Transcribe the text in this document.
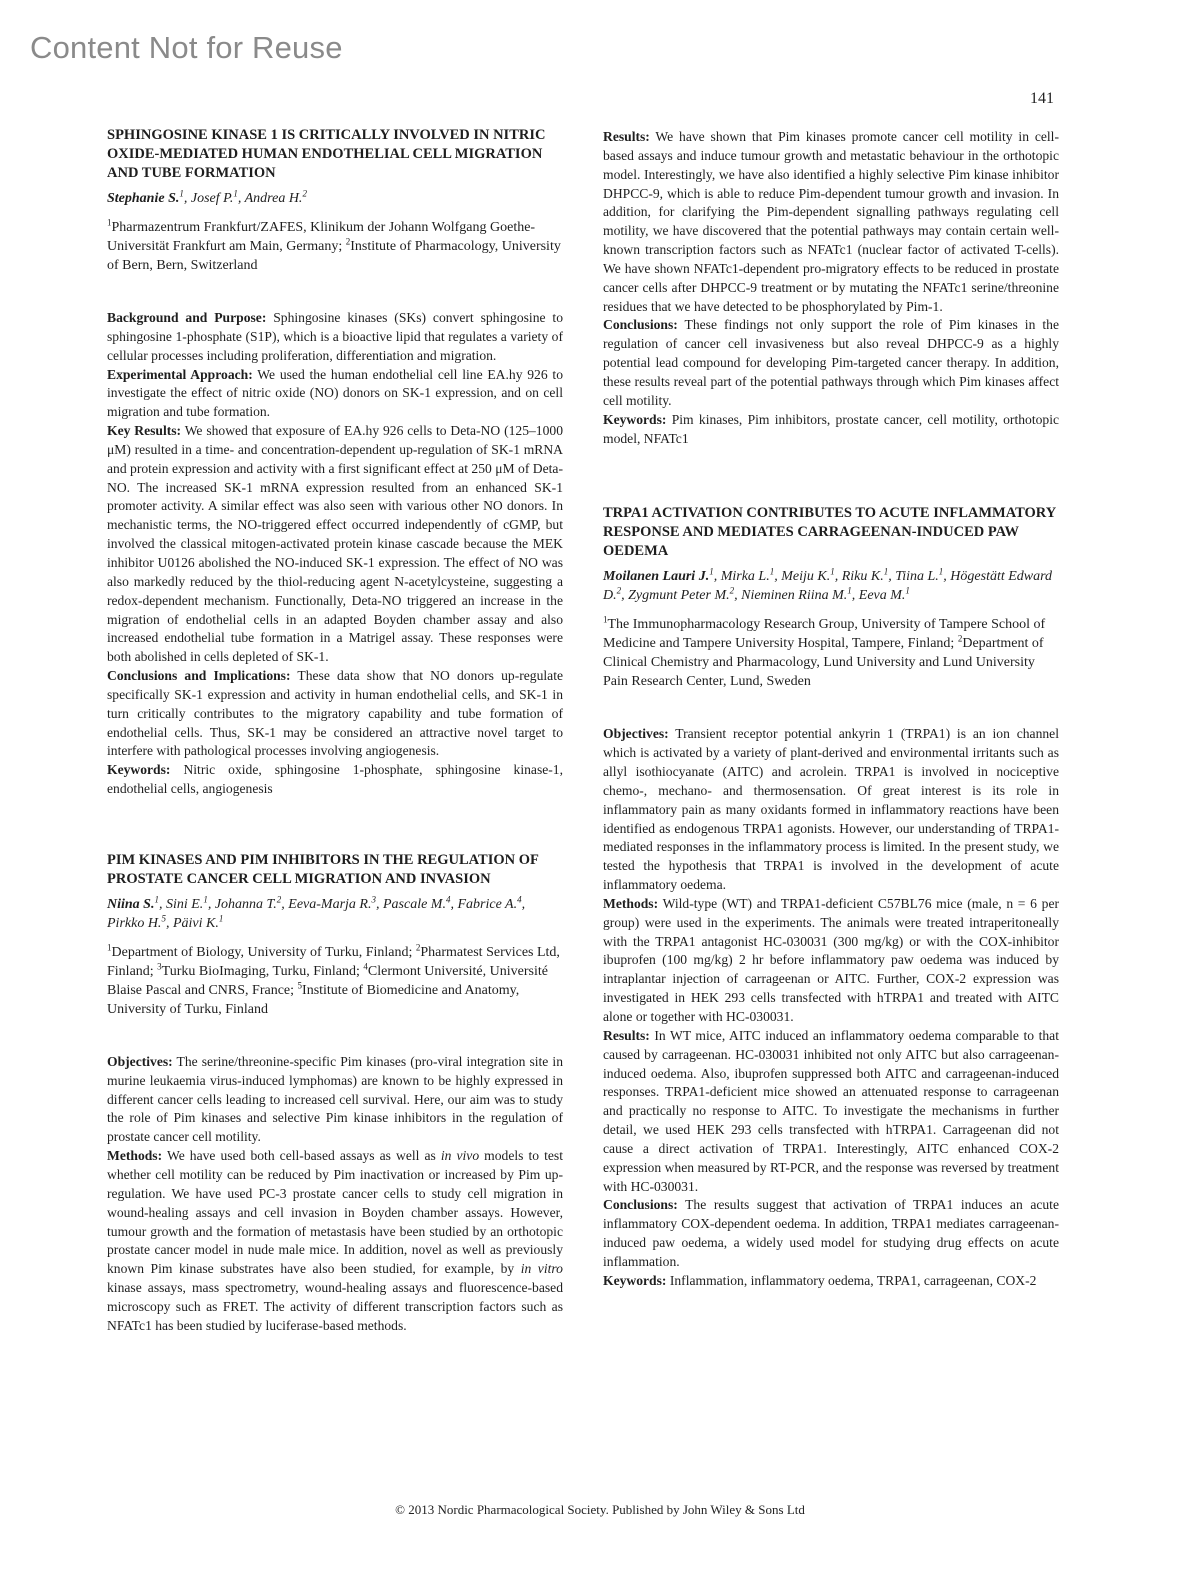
Content Not for Reuse
141
SPHINGOSINE KINASE 1 IS CRITICALLY INVOLVED IN NITRIC OXIDE-MEDIATED HUMAN ENDOTHELIAL CELL MIGRATION AND TUBE FORMATION
Stephanie S.$^1$, Josef P.$^1$, Andrea H.$^2$
$^1$Pharmazentrum Frankfurt/ZAFES, Klinikum der Johann Wolfgang Goethe-Universität Frankfurt am Main, Germany; $^2$Institute of Pharmacology, University of Bern, Bern, Switzerland

Background and Purpose: Sphingosine kinases (SKs) convert sphingosine to sphingosine 1-phosphate (S1P), which is a bioactive lipid that regulates a variety of cellular processes including proliferation, differentiation and migration.

Experimental Approach: We used the human endothelial cell line EA.hy 926 to investigate the effect of nitric oxide (NO) donors on SK-1 expression, and on cell migration and tube formation.

Key Results: We showed that exposure of EA.hy 926 cells to Deta-NO (125–1000 μM) resulted in a time- and concentration-dependent up-regulation of SK-1 mRNA and protein expression and activity with a first significant effect at 250 μM of Deta-NO. The increased SK-1 mRNA expression resulted from an enhanced SK-1 promoter activity. A similar effect was also seen with various other NO donors. In mechanistic terms, the NO-triggered effect occurred independently of cGMP, but involved the classical mitogen-activated protein kinase cascade because the MEK inhibitor U0126 abolished the NO-induced SK-1 expression. The effect of NO was also markedly reduced by the thiol-reducing agent N-acetylcysteine, suggesting a redox-dependent mechanism. Functionally, Deta-NO triggered an increase in the migration of endothelial cells in an adapted Boyden chamber assay and also increased endothelial tube formation in a Matrigel assay. These responses were both abolished in cells depleted of SK-1.

Conclusions and Implications: These data show that NO donors up-regulate specifically SK-1 expression and activity in human endothelial cells, and SK-1 in turn critically contributes to the migratory capability and tube formation of endothelial cells. Thus, SK-1 may be considered an attractive novel target to interfere with pathological processes involving angiogenesis.

Keywords: Nitric oxide, sphingosine 1-phosphate, sphingosine kinase-1, endothelial cells, angiogenesis

PIM KINASES AND PIM INHIBITORS IN THE REGULATION OF PROSTATE CANCER CELL MIGRATION AND INVASION
Niina S.$^1$, Sini E.$^1$, Johanna T.$^2$, Eeva-Marja R.$^3$, Pascale M.$^4$, Fabrice A.$^4$, Pirkko H.$^5$, Päivi K.$^1$
$^1$Department of Biology, University of Turku, Finland; $^2$Pharmatest Services Ltd, Finland; $^3$Turku BioImaging, Turku, Finland; $^4$Clermont Université, Université Blaise Pascal and CNRS, France; $^5$Institute of Biomedicine and Anatomy, University of Turku, Finland

Objectives: The serine/threonine-specific Pim kinases (pro-viral integration site in murine leukaemia virus-induced lymphomas) are known to be highly expressed in different cancer cells leading to increased cell survival. Here, our aim was to study the role of Pim kinases and selective Pim kinase inhibitors in the regulation of prostate cancer cell motility.

Methods: We have used both cell-based assays as well as in vivo models to test whether cell motility can be reduced by Pim inactivation or increased by Pim up-regulation. We have used PC-3 prostate cancer cells to study cell migration in wound-healing assays and cell invasion in Boyden chamber assays. However, tumour growth and the formation of metastasis have been studied by an orthotopic prostate cancer model in nude male mice. In addition, novel as well as previously known Pim kinase substrates have also been studied, for example, by in vitro kinase assays, mass spectrometry, wound-healing assays and fluorescence-based microscopy such as FRET. The activity of different transcription factors such as NFATc1 has been studied by luciferase-based methods.

Results: We have shown that Pim kinases promote cancer cell motility in cell-based assays and induce tumour growth and metastatic behaviour in the orthotopic model. Interestingly, we have also identified a highly selective Pim kinase inhibitor DHPCC-9, which is able to reduce Pim-dependent tumour growth and invasion. In addition, for clarifying the Pim-dependent signalling pathways regulating cell motility, we have discovered that the potential pathways may contain certain well-known transcription factors such as NFATc1 (nuclear factor of activated T-cells). We have shown NFATc1-dependent pro-migratory effects to be reduced in prostate cancer cells after DHPCC-9 treatment or by mutating the NFATc1 serine/threonine residues that we have detected to be phosphorylated by Pim-1.

Conclusions: These findings not only support the role of Pim kinases in the regulation of cancer cell invasiveness but also reveal DHPCC-9 as a highly potential lead compound for developing Pim-targeted cancer therapy. In addition, these results reveal part of the potential pathways through which Pim kinases affect cell motility.

Keywords: Pim kinases, Pim inhibitors, prostate cancer, cell motility, orthotopic model, NFATc1

TRPA1 ACTIVATION CONTRIBUTES TO ACUTE INFLAMMATORY RESPONSE AND MEDIATES CARRAGEENAN-INDUCED PAW OEDEMA
Moilanen Lauri J.$^1$, Mirka L.$^1$, Meiju K.$^1$, Riku K.$^1$, Tiina L.$^1$, Högestätt Edward D.$^2$, Zygmunt Peter M.$^2$, Nieminen Riina M.$^1$, Eeva M.$^1$
$^1$The Immunopharmacology Research Group, University of Tampere School of Medicine and Tampere University Hospital, Tampere, Finland; $^2$Department of Clinical Chemistry and Pharmacology, Lund University and Lund University Pain Research Center, Lund, Sweden

Objectives: Transient receptor potential ankyrin 1 (TRPA1) is an ion channel which is activated by a variety of plant-derived and environmental irritants such as allyl isothiocyanate (AITC) and acrolein. TRPA1 is involved in nociceptive chemo-, mechano- and thermosensation. Of great interest is its role in inflammatory pain as many oxidants formed in inflammatory reactions have been identified as endogenous TRPA1 agonists. However, our understanding of TRPA1-mediated responses in the inflammatory process is limited. In the present study, we tested the hypothesis that TRPA1 is involved in the development of acute inflammatory oedema.

Methods: Wild-type (WT) and TRPA1-deficient C57BL76 mice (male, n = 6 per group) were used in the experiments. The animals were treated intraperitoneally with the TRPA1 antagonist HC-030031 (300 mg/kg) or with the COX-inhibitor ibuprofen (100 mg/kg) 2 hr before inflammatory paw oedema was induced by intraplantar injection of carrageenan or AITC. Further, COX-2 expression was investigated in HEK 293 cells transfected with hTRPA1 and treated with AITC alone or together with HC-030031.

Results: In WT mice, AITC induced an inflammatory oedema comparable to that caused by carrageenan. HC-030031 inhibited not only AITC but also carrageenan-induced oedema. Also, ibuprofen suppressed both AITC and carrageenan-induced responses. TRPA1-deficient mice showed an attenuated response to carrageenan and practically no response to AITC. To investigate the mechanisms in further detail, we used HEK 293 cells transfected with hTRPA1. Carrageenan did not cause a direct activation of TRPA1. Interestingly, AITC enhanced COX-2 expression when measured by RT-PCR, and the response was reversed by treatment with HC-030031.

Conclusions: The results suggest that activation of TRPA1 induces an acute inflammatory COX-dependent oedema. In addition, TRPA1 mediates carrageenan-induced paw oedema, a widely used model for studying drug effects on acute inflammation.

Keywords: Inflammation, inflammatory oedema, TRPA1, carrageenan, COX-2

© 2013 Nordic Pharmacological Society. Published by John Wiley & Sons Ltd
